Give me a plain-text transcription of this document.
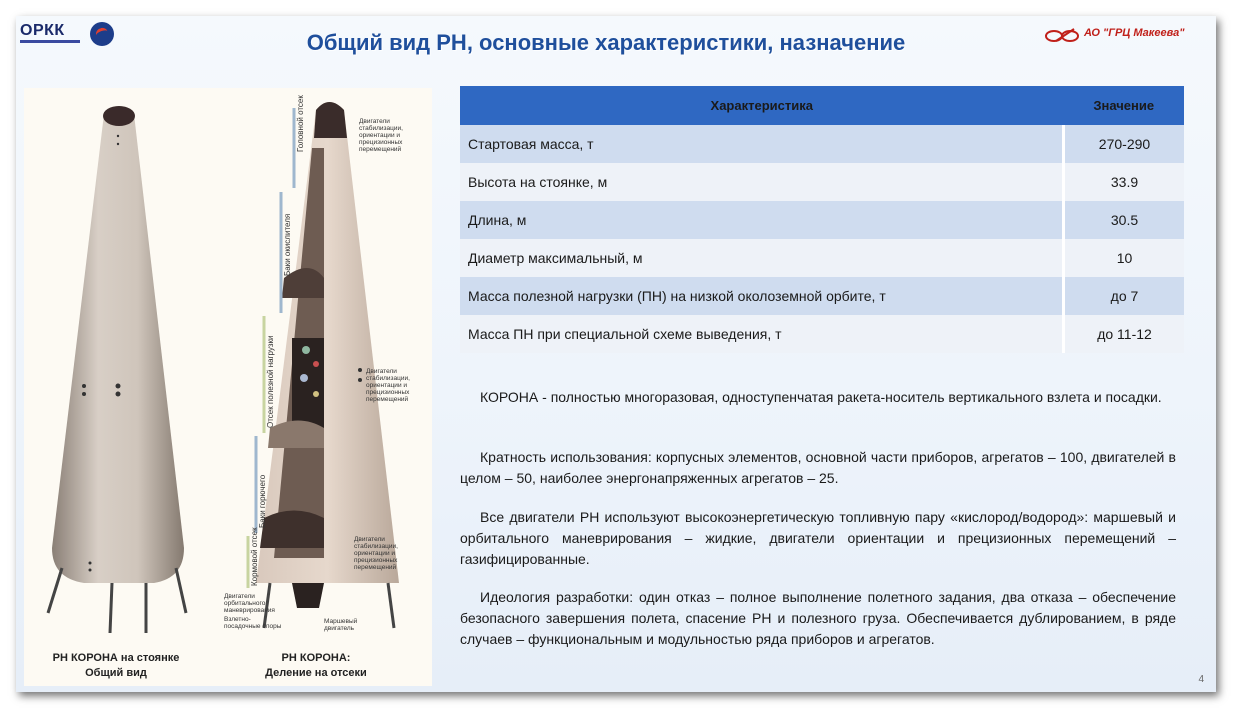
ОРКК	Общий вид РН, основные характеристики, назначение	АО "ГРЦ Макеева"
Головной отсек
Баки окислителя
Отсек полезной нагрузки
Баки горючего
Кормовой отсек
Двигатели стабилизации, ориентации и прецизионных перемещений
Двигатели стабилизации, ориентации и прецизионных перемещений
Двигатели стабилизации, ориентации и прецизионных перемещений
Двигатели орбитального маневрирования
Взлетно-посадочные опоры
Маршевый двигатель
РН КОРОНА на стоянке
Общий вид
РН КОРОНА:
Деление на отсеки
Характеристика	Значение
Стартовая масса, т	270-290
Высота на стоянке, м	33.9
Длина, м	30.5
Диаметр максимальный, м	10
Масса полезной нагрузки (ПН) на низкой околоземной орбите, т	до 7
Масса ПН при специальной схеме выведения, т	до 11-12

КОРОНА - полностью многоразовая, одноступенчатая ракета-носитель вертикального взлета и посадки.

Кратность использования: корпусных элементов, основной части приборов, агрегатов – 100, двигателей в целом – 50, наиболее энергонапряженных агрегатов – 25.

Все двигатели РН используют высокоэнергетическую топливную пару «кислород/водород»: маршевый и орбитального маневрирования – жидкие, двигатели ориентации и прецизионных перемещений – газифицированные.

Идеология разработки: один отказ – полное выполнение полетного задания, два отказа – обеспечение безопасного завершения полета, спасение РН и полезного груза. Обеспечивается дублированием, в ряде случаев – функциональным и модульностью ряда приборов и агрегатов.

4
